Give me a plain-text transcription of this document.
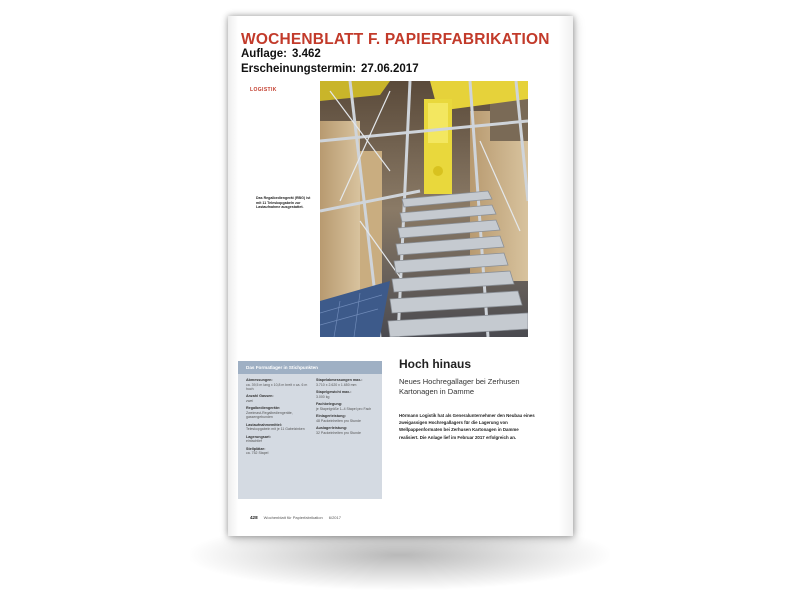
WOCHENBLATT F. PAPIERFABRIKATION
Auflage: 3.462
Erscheinungstermin: 27.06.2017
LOGISTIK
Das Regalbediengerät (RBG) ist mit 11 Teleskopgabeln zur Lastaufnahme ausgestattet.
Das Formatlager in Stichpunkten
Abmessungen:
ca. 39,5 m lang x 10,8 m breit x ca. 6 m hoch
Anzahl Gassen:
zwei
Regalbediengeräte:
Zweimast-Regalbediengeräte, gassengebunden
Lastaufnahmemittel:
Teleskopgabeln mit je 11 Gabelzinken
Lagerungsart:
einfachtief
Stellplätze:
ca. 752 Stapel
Stapelabmessungen max.:
3.710 x 2.620 x 1.650 mm
Stapelgewicht max.:
3.000 kg
Fachbelegung:
je Stapelgröße 1–4 Stapel pro Fach
Einlagerleistung:
48 Packeinheiten pro Stunde
Auslagerleistung:
32 Packeinheiten pro Stunde
Hoch hinaus
Neues Hochregallager bei Zerhusen Kartonagen in Damme
Hörmann Logistik hat als Generalunternehmer den Neubau eines zweigassigen Hochregallagers für die Lagerung von Wellpappenformaten bei Zerhusen Kartonagen in Damme realisiert. Die Anlage lief im Februar 2017 erfolgreich an.
428 Wochenblatt für Papierfabrikation 6/2017
